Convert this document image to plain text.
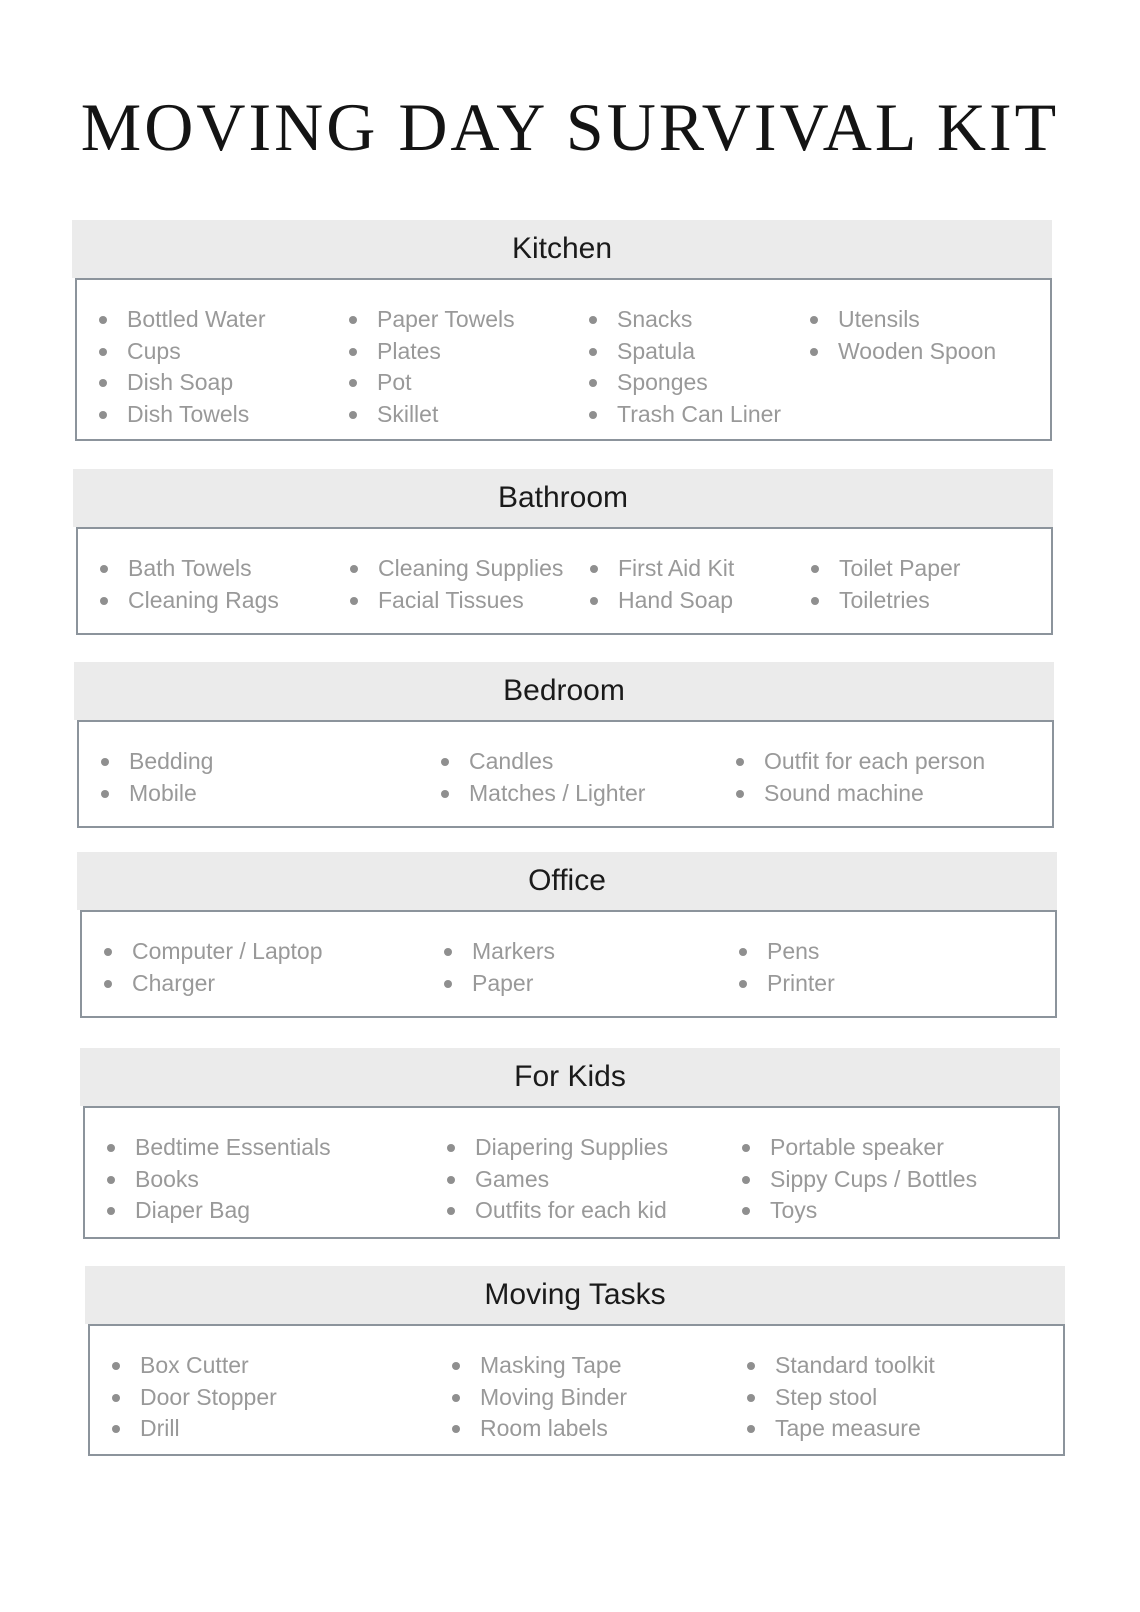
MOVING DAY SURVIVAL KIT
Kitchen
Bottled Water
Cups
Dish Soap
Dish Towels
Paper Towels
Plates
Pot
Skillet
Snacks
Spatula
Sponges
Trash Can Liner
Utensils
Wooden Spoon
Bathroom
Bath Towels
Cleaning Rags
Cleaning Supplies
Facial Tissues
First Aid Kit
Hand Soap
Toilet Paper
Toiletries
Bedroom
Bedding
Mobile
Candles
Matches / Lighter
Outfit for each person
Sound machine
Office
Computer / Laptop
Charger
Markers
Paper
Pens
Printer
For Kids
Bedtime Essentials
Books
Diaper Bag
Diapering Supplies
Games
Outfits for each kid
Portable speaker
Sippy Cups / Bottles
Toys
Moving Tasks
Box Cutter
Door Stopper
Drill
Masking Tape
Moving Binder
Room labels
Standard toolkit
Step stool
Tape measure
